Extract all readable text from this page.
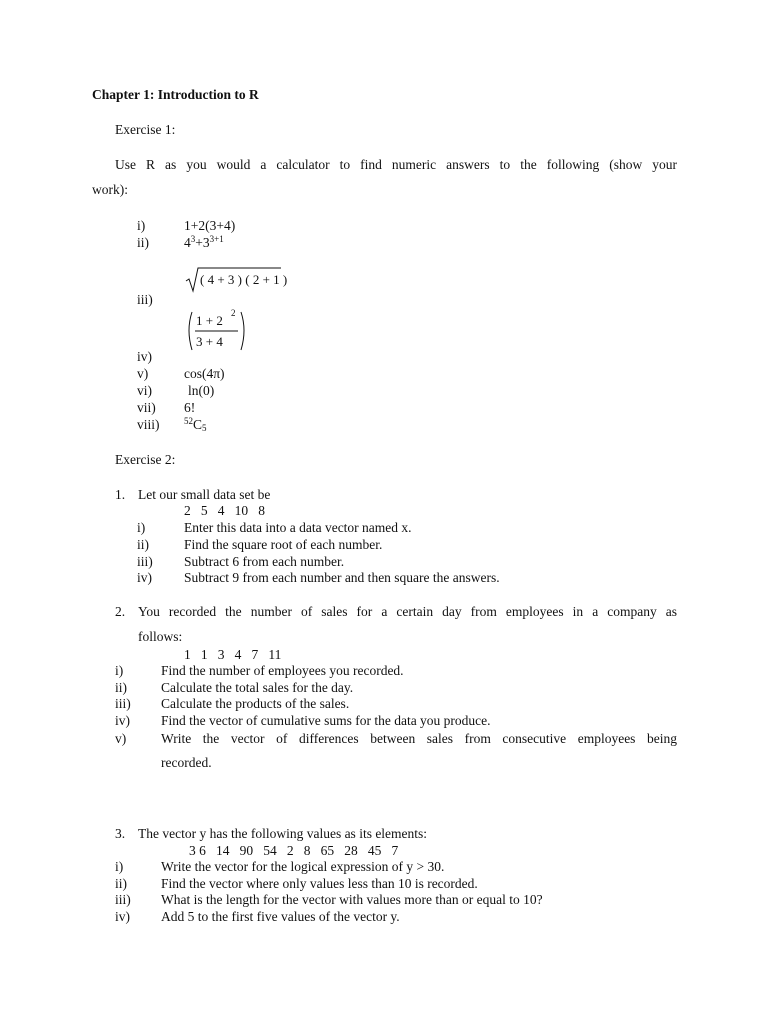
Chapter 1: Introduction to R
Exercise 1:
Use R as you would a calculator to find numeric answers to the following (show your
work):
i)	1+2(3+4)
ii)	$4^3+3^{3+1}$
( 4 + 3 ) ( 2 + 1 )
iii)
1 + 2
3 + 4
2
iv)
v)	cos(4π)
vi)	ln(0)
vii)	6!
viii)	$^{52}$C5
Exercise 2:
1. Let our small data set be
2   5   4   10   8
i)	Enter this data into a data vector named x.
ii)	Find the square root of each number.
iii)	Subtract 6 from each number.
iv)	Subtract 9 from each number and then square the answers.
2. You recorded the number of sales for a certain day from employees in a company as
follows:
1   1   3   4   7   11
i)	Find the number of employees you recorded.
ii)	Calculate the total sales for the day.
iii)	Calculate the products of the sales.
iv)	Find the vector of cumulative sums for the data you produce.
v)	Write the vector of differences between sales from consecutive employees being
recorded.
3. The vector y has the following values as its elements:
3 6   14   90   54   2   8   65   28   45   7
i)	Write the vector for the logical expression of y > 30.
ii)	Find the vector where only values less than 10 is recorded.
iii)	What is the length for the vector with values more than or equal to 10?
iv)	Add 5 to the first five values of the vector y.
